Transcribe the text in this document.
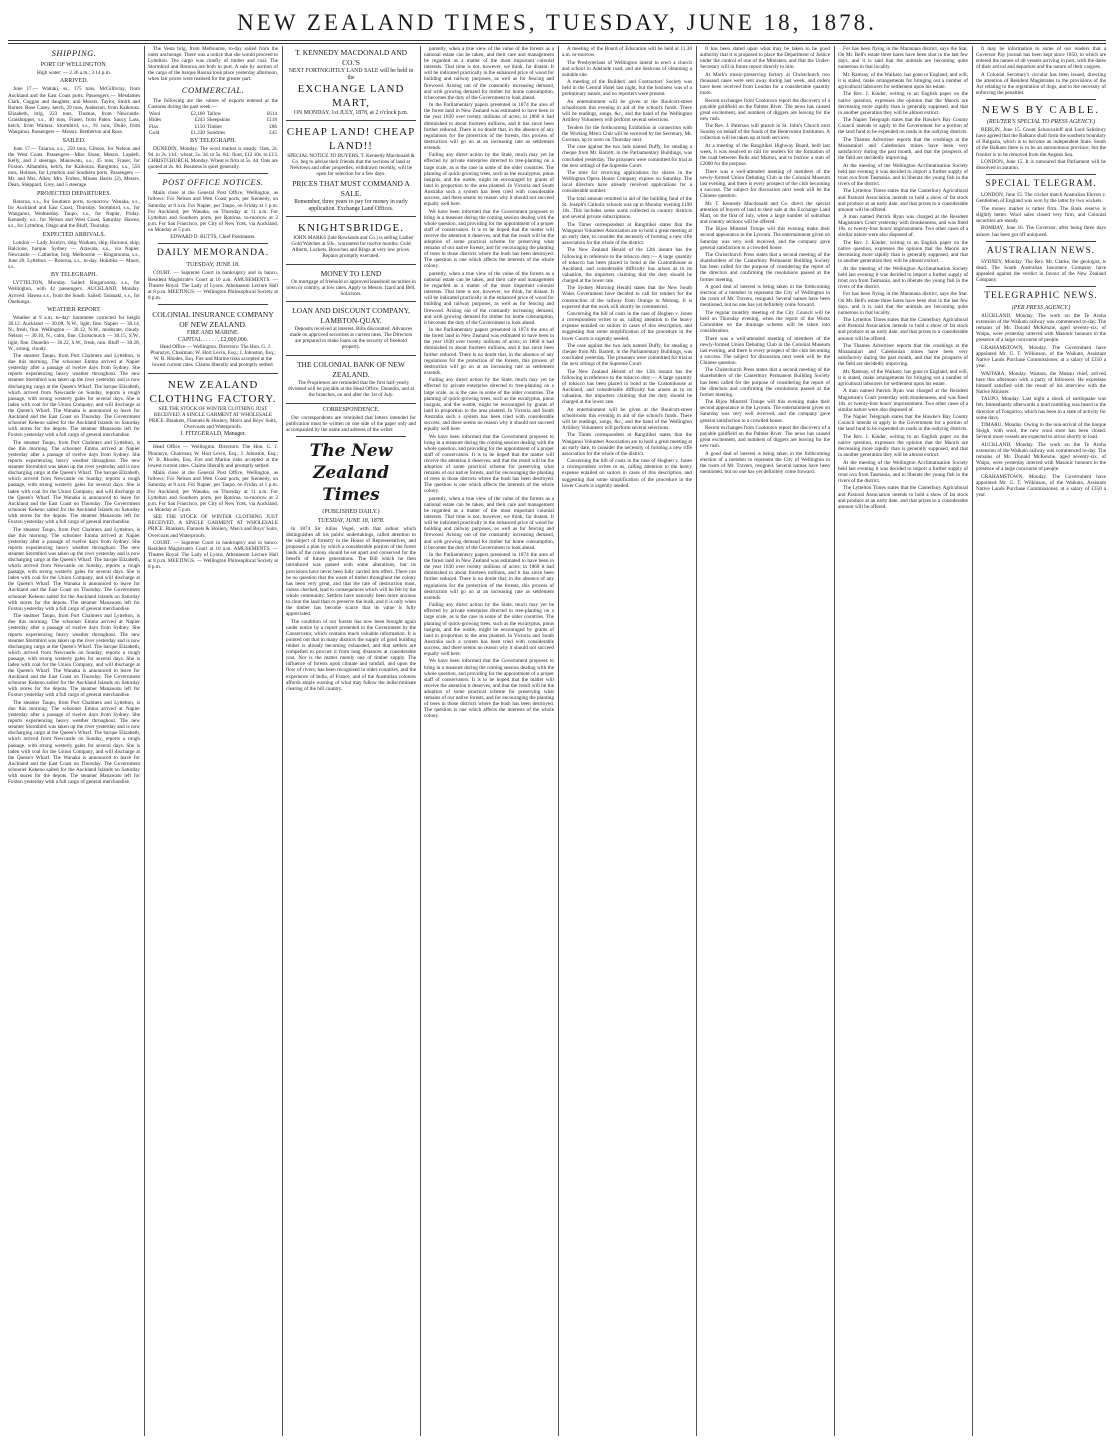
NEW ZEALAND TIMES, TUESDAY, JUNE 18, 1878.
SHIPPING.
PORT OF WELLINGTON.

High water: — 2.36 a.m.; 3.14 p.m.

ARRIVED.

June 17.— Waitaki, ss., 175 tons, McGillivray, from Auckland and the East Coast ports. Passengers — Mesdames Clark, Coggan and daughter, and Messrs. Taylor, Smith and Burnet. Rose Casey, ketch, 39 tons, Anderson, from Kaikoura. Elizabeth, brig, 223 tons, Thomas, from Newcastle. Grasshopper, s.s., 40 tons, Fraser, from Patea. Saucy Lass, ketch, from Waitara. Stormbird, s.s., 91 tons, Doile, from Wanganui. Passengers — Messrs. Bretherton and Ross.

SAILED.

June 17.— Taiaroa, s.s., 250 tons, Gibson, for Nelson and the West Coast. Passengers—Miss Sloan, Messrs. Lopdell, Kelly, and 2 steerage. Manawatu, s.s., 45 tons, Fraser, for Foxton. Alhambra, ketch, for Kaikoura. Rangitoto, s.s., 556 tons, Holmes, for Lyttelton and Southern ports. Passengers — Mr. and Mrs. Allen, Mrs. Forbes, Misses Harris (2), Messrs. Dean, Sheppard, Grey, and 5 steerage.

PROJECTED DEPARTURES.

Rotorua, s.s., for Southern ports, to-morrow. Wanaka, s.s., for Auckland and East Coast, Thursday. Stormbird, s.s., for Wanganui, Wednesday. Taupo, s.s., for Napier, Friday. Kennedy, s.s., for Nelson and West Coast, Saturday. Hawea, s.s., for Lyttelton, Otago and the Bluff, Thursday.

EXPECTED ARRIVALS.

London — Lady Jocelyn, ship; Waikato, ship; Hurunui, ship; Halcione, barque. Sydney — Arawata, s.s., via Napier. Newcastle — Catherine, brig. Melbourne — Ringarooma, s.s., June 20. Lyttelton — Rotorua, s.s., to-day. Hokitika — Maori, s.s.

BY TELEGRAPH.

LYTTELTON, Monday. Sailed: Ringarooma, s.s., for Wellington, with 42 passengers. AUCKLAND, Monday. Arrived: Hawea s.s., from the South. Sailed: Taranaki, s.s., for Onehunga.

WEATHER REPORT.

Weather at 9 a.m. to-day: barometer corrected for height 30.12. Auckland — 30.08, N.W., light, fine. Napier — 30.14, N., fresh, fine. Wellington — 30.12, N.W., moderate, cloudy. Nelson — 30.10, N., calm, fine. Christchurch — 30.15, S.W., light, fine. Dunedin — 30.22, S.W., fresh, rain. Bluff — 30.28, W., strong, cloudy.

The steamer Taupo, from Port Chalmers and Lyttelton, is due this morning. The schooner Emma arrived at Napier yesterday after a passage of twelve days from Sydney. She reports experiencing heavy weather throughout. The new steamer Stormbird was taken up the river yesterday and is now discharging cargo at the Queen's Wharf. The barque Elizabeth, which arrived from Newcastle on Sunday, reports a rough passage, with strong westerly gales for several days. She is laden with coal for the Union Company, and will discharge at the Queen's Wharf. The Wanaka is announced to leave for Auckland and the East Coast on Thursday. The Government schooner Kekeno sailed for the Auckland Islands on Saturday with stores for the depots. The steamer Manawatu left for Foxton yesterday with a full cargo of general merchandise.

The steamer Taupo, from Port Chalmers and Lyttelton, is due this morning. The schooner Emma arrived at Napier yesterday after a passage of twelve days from Sydney. She reports experiencing heavy weather throughout. The new steamer Stormbird was taken up the river yesterday and is now discharging cargo at the Queen's Wharf. The barque Elizabeth, which arrived from Newcastle on Sunday, reports a rough passage, with strong westerly gales for several days. She is laden with coal for the Union Company, and will discharge at the Queen's Wharf. The Wanaka is announced to leave for Auckland and the East Coast on Thursday. The Government schooner Kekeno sailed for the Auckland Islands on Saturday with stores for the depots. The steamer Manawatu left for Foxton yesterday with a full cargo of general merchandise.

The steamer Taupo, from Port Chalmers and Lyttelton, is due this morning. The schooner Emma arrived at Napier yesterday after a passage of twelve days from Sydney. She reports experiencing heavy weather throughout. The new steamer Stormbird was taken up the river yesterday and is now discharging cargo at the Queen's Wharf. The barque Elizabeth, which arrived from Newcastle on Sunday, reports a rough passage, with strong westerly gales for several days. She is laden with coal for the Union Company, and will discharge at the Queen's Wharf. The Wanaka is announced to leave for Auckland and the East Coast on Thursday. The Government schooner Kekeno sailed for the Auckland Islands on Saturday with stores for the depots. The steamer Manawatu left for Foxton yesterday with a full cargo of general merchandise.

The steamer Taupo, from Port Chalmers and Lyttelton, is due this morning. The schooner Emma arrived at Napier yesterday after a passage of twelve days from Sydney. She reports experiencing heavy weather throughout. The new steamer Stormbird was taken up the river yesterday and is now discharging cargo at the Queen's Wharf. The barque Elizabeth, which arrived from Newcastle on Sunday, reports a rough passage, with strong westerly gales for several days. She is laden with coal for the Union Company, and will discharge at the Queen's Wharf. The Wanaka is announced to leave for Auckland and the East Coast on Thursday. The Government schooner Kekeno sailed for the Auckland Islands on Saturday with stores for the depots. The steamer Manawatu left for Foxton yesterday with a full cargo of general merchandise.

The steamer Taupo, from Port Chalmers and Lyttelton, is due this morning. The schooner Emma arrived at Napier yesterday after a passage of twelve days from Sydney. She reports experiencing heavy weather throughout. The new steamer Stormbird was taken up the river yesterday and is now discharging cargo at the Queen's Wharf. The barque Elizabeth, which arrived from Newcastle on Sunday, reports a rough passage, with strong westerly gales for several days. She is laden with coal for the Union Company, and will discharge at the Queen's Wharf. The Wanaka is announced to leave for Auckland and the East Coast on Thursday. The Government schooner Kekeno sailed for the Auckland Islands on Saturday with stores for the depots. The steamer Manawatu left for Foxton yesterday with a full cargo of general merchandise.

The Vesta brig, from Melbourne, to-day sailed from the outer anchorage. There was a notice that she would proceed to Lyttelton. The cargo was chiefly of timber and coal. The Stormbird and Rotorua are both in port. A sale by auction of the cargo of the barque Rosina took place yesterday afternoon, when fair prices were realised for the greater part.

COMMERCIAL.

The following are the values of exports entered at the Customs during the past week:—

Wool	£2,160	Tallow	£614
Hides	£243	Sheepskins	£118
Flax	£150	Timber	£86
Gold	£1,230	Sundries	£45
BY TELEGRAPH.

DUNEDIN, Monday. The wool market is steady. Oats, 2s. 9d. to 2s. 11d.; wheat, 5s. 3d. to 5s. 6d.; flour, £12 10s. to £13. CHRISTCHURCH, Monday. Wheat is firm at 5s. 4d. Oats are quoted at 2s. 8d. Business is quiet generally.

POST OFFICE NOTICES.

Mails close at the General Post Office, Wellington, as follows: For Nelson and West Coast ports, per Kennedy, on Saturday at 9 a.m. For Napier, per Taupo, on Friday at 1 p.m. For Auckland, per Wanaka, on Thursday at 11 a.m. For Lyttelton and Southern ports, per Rotorua, to-morrow at 2 p.m. For San Francisco, per City of New York, via Auckland, on Monday at 5 p.m.

EDWARD D. BUTTS, Chief Postmaster.

DAILY MEMORANDA.
TUESDAY, JUNE 18.

COURT. — Supreme Court in bankruptcy and in banco. Resident Magistrate's Court at 10 a.m. AMUSEMENTS. — Theatre Royal: The Lady of Lyons. Athenaeum Lecture Hall at 8 p.m. MEETINGS. — Wellington Philosophical Society at 8 p.m.

COLONIAL INSURANCE COMPANY OF NEW ZEALAND.
FIRE AND MARINE.
CAPITAL . . . . . . £2,000,000.

Head Office — Wellington. Directors: The Hon. G. J. Pharazyn, Chairman; W. Hort Levin, Esq.; J. Johnston, Esq.; W. B. Rhodes, Esq. Fire and Marine risks accepted at the lowest current rates. Claims liberally and promptly settled.

NEW ZEALAND CLOTHING FACTORY.

SEE THE STOCK OF WINTER CLOTHING JUST RECEIVED. A SINGLE GARMENT AT WHOLESALE PRICE. Blankets, Flannels & Hosiery, Men's and Boys' Suits, Overcoats and Waterproofs.

J. FITZGERALD, Manager.

Head Office — Wellington. Directors: The Hon. G. J. Pharazyn, Chairman; W. Hort Levin, Esq.; J. Johnston, Esq.; W. B. Rhodes, Esq. Fire and Marine risks accepted at the lowest current rates. Claims liberally and promptly settled.

Mails close at the General Post Office, Wellington, as follows: For Nelson and West Coast ports, per Kennedy, on Saturday at 9 a.m. For Napier, per Taupo, on Friday at 1 p.m. For Auckland, per Wanaka, on Thursday at 11 a.m. For Lyttelton and Southern ports, per Rotorua, to-morrow at 2 p.m. For San Francisco, per City of New York, via Auckland, on Monday at 5 p.m.

SEE THE STOCK OF WINTER CLOTHING JUST RECEIVED. A SINGLE GARMENT AT WHOLESALE PRICE. Blankets, Flannels & Hosiery, Men's and Boys' Suits, Overcoats and Waterproofs.

COURT. — Supreme Court in bankruptcy and in banco. Resident Magistrate's Court at 10 a.m. AMUSEMENTS. — Theatre Royal: The Lady of Lyons. Athenaeum Lecture Hall at 8 p.m. MEETINGS. — Wellington Philosophical Society at 8 p.m.

T. KENNEDY MACDONALD AND CO.'S
NEXT FORTNIGHTLY LAND SALE will be held in the
EXCHANGE LAND MART,
ON MONDAY, 1st JULY, 1878, at 2 o'clock p.m.
CHEAP LAND! CHEAP LAND!!

SPECIAL NOTICE TO BUYERS. T. Kennedy Macdonald & Co. beg to advise their friends that the sections of land at Newtown and other properties, withdrawn recently, will be open for selection for a few days.

PRICES THAT MUST COMMAND A SALE.
Remember, three years to pay for money in early application. Exchange Land Offices.
KNIGHTSBRIDGE.

JOHN MARKS (late Rowlands and Co.) is selling Ladies' Gold Watches at 50s., warranted for twelve months. Gold Alberts, Lockets, Brooches and Rings at very low prices. Repairs promptly executed.

MONEY TO LEND

On mortgage of freehold or approved leasehold securities in town or country, at low rates. Apply to Messrs. Izard and Bell, Solicitors.

LOAN AND DISCOUNT COMPANY, LAMBTON-QUAY.

Deposits received at interest. Bills discounted. Advances made on approved securities at current rates. The Directors are prepared to make loans on the security of freehold property.

THE COLONIAL BANK OF NEW ZEALAND.

The Proprietors are reminded that the first half-yearly dividend will be payable at the Head Office, Dunedin, and at the branches, on and after the 1st of July.

CORRESPONDENCE.

Our correspondents are reminded that letters intended for publication must be written on one side of the paper only and accompanied by the name and address of the writer.

The New Zealand Times
(PUBLISHED DAILY.)
TUESDAY, JUNE 18, 1878.

In 1874 Sir Julius Vogel, with that ardour which distinguishes all his public undertakings, called attention to the subject of forestry in the House of Representatives, and proposed a plan by which a considerable portion of the forest lands of the colony should be set apart and conserved for the benefit of future generations. The Bill which he then introduced was passed with some alterations, but its provisions have never been fully carried into effect. There can be no question that the waste of timber throughout the colony has been very great, and that the rate of destruction must, unless checked, lead to consequences which will be felt by the whole community. Settlers have naturally been more anxious to clear the land than to preserve the bush, and it is only when the timber has become scarce that its value is fully appreciated.

The condition of our forests has now been brought again under notice by a report presented to the Government by the Conservator, which contains much valuable information. It is pointed out that in many districts the supply of good building timber is already becoming exhausted, and that settlers are compelled to procure it from long distances at considerable cost. Nor is the matter merely one of timber supply. The influence of forests upon climate and rainfall, and upon the flow of rivers, has been recognised in older countries, and the experience of India, of France, and of the Australian colonies affords ample warning of what may follow the indiscriminate clearing of the hill country.

parently, when a true view of the value of the forests as a national estate can be taken, and their care and management be regarded as a matter of the most important colonial interests. That time is not, however, we think, far distant. It will be indicated practically in the enhanced price of wood for building and railway purposes, as well as for fencing and firewood. Arising out of the constantly increasing demand, and with growing demand for timber for home consumption, it becomes the duty of the Government to look ahead.

In the Parliamentary papers presented in 1874 the area of the forest land in New Zealand was estimated to have been in the year 1830 over twenty millions of acres; in 1868 it had diminished to about fourteen millions, and it has since been further reduced. There is no doubt that, in the absence of any regulations for the protection of the forests, this process of destruction will go on at an increasing rate as settlement extends.

Failing any direct action by the State, much may yet be effected by private enterprise directed to tree-planting on a large scale, as is the case in some of the older countries. The planting of quick-growing trees, such as the eucalyptus, pinus insignis, and the wattle, might be encouraged by grants of land in proportion to the area planted. In Victoria and South Australia such a system has been tried with considerable success, and there seems no reason why it should not succeed equally well here.

We have been informed that the Government proposes to bring in a measure during the coming session dealing with the whole question, and providing for the appointment of a proper staff of conservators. It is to be hoped that the matter will receive the attention it deserves, and that the result will be the adoption of some practical scheme for preserving what remains of our native forests, and for encouraging the planting of trees in those districts where the bush has been destroyed. The question is one which affects the interests of the whole colony.

parently, when a true view of the value of the forests as a national estate can be taken, and their care and management be regarded as a matter of the most important colonial interests. That time is not, however, we think, far distant. It will be indicated practically in the enhanced price of wood for building and railway purposes, as well as for fencing and firewood. Arising out of the constantly increasing demand, and with growing demand for timber for home consumption, it becomes the duty of the Government to look ahead.

In the Parliamentary papers presented in 1874 the area of the forest land in New Zealand was estimated to have been in the year 1830 over twenty millions of acres; in 1868 it had diminished to about fourteen millions, and it has since been further reduced. There is no doubt that, in the absence of any regulations for the protection of the forests, this process of destruction will go on at an increasing rate as settlement extends.

Failing any direct action by the State, much may yet be effected by private enterprise directed to tree-planting on a large scale, as is the case in some of the older countries. The planting of quick-growing trees, such as the eucalyptus, pinus insignis, and the wattle, might be encouraged by grants of land in proportion to the area planted. In Victoria and South Australia such a system has been tried with considerable success, and there seems no reason why it should not succeed equally well here.

We have been informed that the Government proposes to bring in a measure during the coming session dealing with the whole question, and providing for the appointment of a proper staff of conservators. It is to be hoped that the matter will receive the attention it deserves, and that the result will be the adoption of some practical scheme for preserving what remains of our native forests, and for encouraging the planting of trees in those districts where the bush has been destroyed. The question is one which affects the interests of the whole colony.

parently, when a true view of the value of the forests as a national estate can be taken, and their care and management be regarded as a matter of the most important colonial interests. That time is not, however, we think, far distant. It will be indicated practically in the enhanced price of wood for building and railway purposes, as well as for fencing and firewood. Arising out of the constantly increasing demand, and with growing demand for timber for home consumption, it becomes the duty of the Government to look ahead.

In the Parliamentary papers presented in 1874 the area of the forest land in New Zealand was estimated to have been in the year 1830 over twenty millions of acres; in 1868 it had diminished to about fourteen millions, and it has since been further reduced. There is no doubt that, in the absence of any regulations for the protection of the forests, this process of destruction will go on at an increasing rate as settlement extends.

Failing any direct action by the State, much may yet be effected by private enterprise directed to tree-planting on a large scale, as is the case in some of the older countries. The planting of quick-growing trees, such as the eucalyptus, pinus insignis, and the wattle, might be encouraged by grants of land in proportion to the area planted. In Victoria and South Australia such a system has been tried with considerable success, and there seems no reason why it should not succeed equally well here.

We have been informed that the Government proposes to bring in a measure during the coming session dealing with the whole question, and providing for the appointment of a proper staff of conservators. It is to be hoped that the matter will receive the attention it deserves, and that the result will be the adoption of some practical scheme for preserving what remains of our native forests, and for encouraging the planting of trees in those districts where the bush has been destroyed. The question is one which affects the interests of the whole colony.

A meeting of the Board of Education will be held at 11.30 a.m. to-morrow.

The Presbyterians of Wellington intend to erect a church and school in Adelaide road, and are desirous of obtaining a suitable site.

A meeting of the Builders' and Contractors' Society was held in the Central Hotel last night, but the business was of a preliminary nature, and no reporters were present.

An entertainment will be given at the Boulcott-street schoolroom this evening in aid of the school's funds. There will be readings, songs, &c., and the band of the Wellington Artillery Volunteers will perform several selections.

Tenders for the forthcoming Exhibition in connection with the Working Men's Club will be received by the Secretary, Mr. Gorman, up to noon on Thursday next.

The case against the two lads named Duffy, for stealing a cheque from Mr. Barrett, in the Parliamentary Buildings, was concluded yesterday. The prisoners were committed for trial at the next sittings of the Supreme Court.

The time for receiving applications for shares in the Wellington Opera House Company expires on Saturday. The local directors have already received applications for a considerable number.

The total amount remitted in aid of the building fund of the St. Joseph's Catholic schools was up to Monday evening £190 10s. This includes some sums collected in country districts and several private subscriptions.

The Times correspondent at Rangitikei states that the Wanganui Volunteer Association are to hold a great meeting at an early date, to consider the necessity of forming a new rifle association for the whole of the district.

The New Zealand Herald of the 12th instant has the following in reference to the tobacco duty:— A large quantity of tobacco has been placed in bond at the Customhouse at Auckland, and considerable difficulty has arisen as to its valuation, the importers claiming that the duty should be charged at the lower rate.

The Sydney Morning Herald states that the New South Wales Government have decided to call for tenders for the construction of the railway from Orange to Molong. It is expected that the work will shortly be commenced.

Concerning the bill of costs in the case of Hogben v. Jones a correspondent writes to us, calling attention to the heavy expense entailed on suitors in cases of this description, and suggesting that some simplification of the procedure in the lower Courts is urgently needed.

The case against the two lads named Duffy, for stealing a cheque from Mr. Barrett, in the Parliamentary Buildings, was concluded yesterday. The prisoners were committed for trial at the next sittings of the Supreme Court.

The New Zealand Herald of the 12th instant has the following in reference to the tobacco duty:— A large quantity of tobacco has been placed in bond at the Customhouse at Auckland, and considerable difficulty has arisen as to its valuation, the importers claiming that the duty should be charged at the lower rate.

An entertainment will be given at the Boulcott-street schoolroom this evening in aid of the school's funds. There will be readings, songs, &c., and the band of the Wellington Artillery Volunteers will perform several selections.

The Times correspondent at Rangitikei states that the Wanganui Volunteer Association are to hold a great meeting at an early date, to consider the necessity of forming a new rifle association for the whole of the district.

Concerning the bill of costs in the case of Hogben v. Jones a correspondent writes to us, calling attention to the heavy expense entailed on suitors in cases of this description, and suggesting that some simplification of the procedure in the lower Courts is urgently needed.

It has been stated upon what may be taken to be good authority that it is proposed to place the Department of Justice under the control of one of the Ministers, and that the Under-Secretary will in future report directly to him.

At Mark's music-preserving factory at Christchurch two thousand cases were sent away during last week, and orders have been received from London for a considerable quantity more.

Recent exchanges from Cooktown report the discovery of a payable goldfield on the Palmer River. The news has caused great excitement, and numbers of diggers are leaving for the new rush.

The Rev. J. Paterson will preach in St. John's Church next Sunday on behalf of the funds of the Benevolent Institution. A collection will be taken up at both services.

At a meeting of the Rangitikei Highway Board, held last week, it was resolved to call for tenders for the formation of the road between Bulls and Marton, and to borrow a sum of £2000 for the purpose.

There was a well-attended meeting of members of the newly-formed Union Debating Club in the Colonial Museum last evening, and there is every prospect of the club becoming a success. The subject for discussion next week will be the Chinese question.

Mr. T. Kennedy Macdonald and Co. direct the special attention of buyers of land to their sale at the Exchange Land Mart, on the first of July, when a large number of suburban and country sections will be offered.

The Bijou Minstrel Troupe will this evening make their second appearance in the Lyceum. The entertainment given on Saturday was very well received, and the company gave general satisfaction to a crowded house.

The Christchurch Press states that a second meeting of the shareholders of the Canterbury Permanent Building Society has been called for the purpose of considering the report of the directors and confirming the resolutions passed at the former meeting.

A good deal of interest is being taken in the forthcoming election of a member to represent the City of Wellington in the room of Mr. Travers, resigned. Several names have been mentioned, but no one has yet definitely come forward.

The regular monthly meeting of the City Council will be held on Thursday evening, when the report of the Works Committee on the drainage scheme will be taken into consideration.

There was a well-attended meeting of members of the newly-formed Union Debating Club in the Colonial Museum last evening, and there is every prospect of the club becoming a success. The subject for discussion next week will be the Chinese question.

The Christchurch Press states that a second meeting of the shareholders of the Canterbury Permanent Building Society has been called for the purpose of considering the report of the directors and confirming the resolutions passed at the former meeting.

The Bijou Minstrel Troupe will this evening make their second appearance in the Lyceum. The entertainment given on Saturday was very well received, and the company gave general satisfaction to a crowded house.

Recent exchanges from Cooktown report the discovery of a payable goldfield on the Palmer River. The news has caused great excitement, and numbers of diggers are leaving for the new rush.

A good deal of interest is being taken in the forthcoming election of a member to represent the City of Wellington in the room of Mr. Travers, resigned. Several names have been mentioned, but no one has yet definitely come forward.

For has been flying in the Matanana district, says the Star. On Mr. Bell's estate three hares have been shot in the last few days, and it is said that the animals are becoming quite numerous in that locality.

Mr. Ramsay, of the Waikato, has gone to England, and will, it is stated, make arrangements for bringing out a number of agricultural labourers for settlement upon his estate.

The Rev. J. Kinder, writing to an English paper on the native question, expresses the opinion that the Maoris are decreasing more rapidly than is generally supposed, and that in another generation they will be almost extinct.

The Napier Telegraph states that the Hawke's Bay County Council intends to apply to the Government for a portion of the land fund to be expended on roads in the outlying districts.

The Thames Advertiser reports that the crushings at the Moanataiari and Caledonian mines have been very satisfactory during the past month, and that the prospects of the field are decidedly improving.

At the meeting of the Wellington Acclimatisation Society held last evening it was decided to import a further supply of trout ova from Tasmania, and to liberate the young fish in the rivers of the district.

The Lyttelton Times states that the Canterbury Agricultural and Pastoral Association intends to hold a show of fat stock and produce at an early date, and that prizes to a considerable amount will be offered.

A man named Patrick Ryan was charged at the Resident Magistrate's Court yesterday with drunkenness, and was fined 10s. or twenty-four hours' imprisonment. Two other cases of a similar nature were also disposed of.

The Rev. J. Kinder, writing to an English paper on the native question, expresses the opinion that the Maoris are decreasing more rapidly than is generally supposed, and that in another generation they will be almost extinct.

At the meeting of the Wellington Acclimatisation Society held last evening it was decided to import a further supply of trout ova from Tasmania, and to liberate the young fish in the rivers of the district.

For has been flying in the Matanana district, says the Star. On Mr. Bell's estate three hares have been shot in the last few days, and it is said that the animals are becoming quite numerous in that locality.

The Lyttelton Times states that the Canterbury Agricultural and Pastoral Association intends to hold a show of fat stock and produce at an early date, and that prizes to a considerable amount will be offered.

The Thames Advertiser reports that the crushings at the Moanataiari and Caledonian mines have been very satisfactory during the past month, and that the prospects of the field are decidedly improving.

Mr. Ramsay, of the Waikato, has gone to England, and will, it is stated, make arrangements for bringing out a number of agricultural labourers for settlement upon his estate.

A man named Patrick Ryan was charged at the Resident Magistrate's Court yesterday with drunkenness, and was fined 10s. or twenty-four hours' imprisonment. Two other cases of a similar nature were also disposed of.

The Napier Telegraph states that the Hawke's Bay County Council intends to apply to the Government for a portion of the land fund to be expended on roads in the outlying districts.

The Rev. J. Kinder, writing to an English paper on the native question, expresses the opinion that the Maoris are decreasing more rapidly than is generally supposed, and that in another generation they will be almost extinct.

At the meeting of the Wellington Acclimatisation Society held last evening it was decided to import a further supply of trout ova from Tasmania, and to liberate the young fish in the rivers of the district.

The Lyttelton Times states that the Canterbury Agricultural and Pastoral Association intends to hold a show of fat stock and produce at an early date, and that prizes to a considerable amount will be offered.

It may be information to some of our readers that a Governor Pay journal has been kept since 1850, in which are entered the names of all vessels arriving in port, with the dates of their arrival and departure and the nature of their cargoes.

A Colonial Secretary's circular has been issued, directing the attention of Resident Magistrates to the provisions of the Act relating to the registration of dogs, and to the necessity of enforcing the penalties.

NEWS BY CABLE.
(REUTER'S SPECIAL TO PRESS AGENCY.)

BERLIN, June 15. Count Schouvaloff and Lord Salisbury have agreed that the Balkans shall form the southern boundary of Bulgaria, which is to become an independent State. South of the Balkans there is to be an autonomous province, but the frontier is to be removed from the Aegean Sea.

LONDON, June 15. It is rumoured that Parliament will be dissolved in autumn.

SPECIAL TELEGRAM.

LONDON, June 15. The cricket match Australian Eleven v. Gentlemen of England was won by the latter by two wickets.

The money market is rather firm. The Bank reserve is slightly better. Wool sales closed very firm, and Colonial securities are steady.

BOMBAY, June 16. The Governor, after being three days ashore, has been got off uninjured.

AUSTRALIAN NEWS.

SYDNEY, Monday. The Rev. Mr. Clarke, the geologist, is dead. The South Australian Insurance Company have appealed against the verdict in favour of the New Zealand Company.

TELEGRAPHIC NEWS.
(PER PRESS AGENCY.)

AUCKLAND, Monday. The work on the Te Aroha extension of the Waikato railway was commenced to-day. The remains of Mr. Donald McKenzie, aged seventy-six, of Waipu, were yesterday interred with Masonic honours in the presence of a large concourse of people.

GRAHAMSTOWN, Monday. The Government have appointed Mr. G. T. Wilkinson, of the Waikato, Assistant Native Lands Purchase Commissioner, at a salary of £350 a year.

WAITARA, Monday. Waitara, the Mokau chief, arrived here this afternoon with a party of followers. He expresses himself satisfied with the result of his interview with the Native Minister.

TAUPO, Monday. Last night a shock of earthquake was felt. Immediately afterwards a loud rumbling was heard in the direction of Tongariro, which has been in a state of activity for some days.

TIMARU, Monday. Owing to the non-arrival of the barque Sleigh, with wool, the new wool store has been closed. Several more vessels are expected to arrive shortly to load.

AUCKLAND, Monday. The work on the Te Aroha extension of the Waikato railway was commenced to-day. The remains of Mr. Donald McKenzie, aged seventy-six, of Waipu, were yesterday interred with Masonic honours in the presence of a large concourse of people.

GRAHAMSTOWN, Monday. The Government have appointed Mr. G. T. Wilkinson, of the Waikato, Assistant Native Lands Purchase Commissioner, at a salary of £350 a year.
